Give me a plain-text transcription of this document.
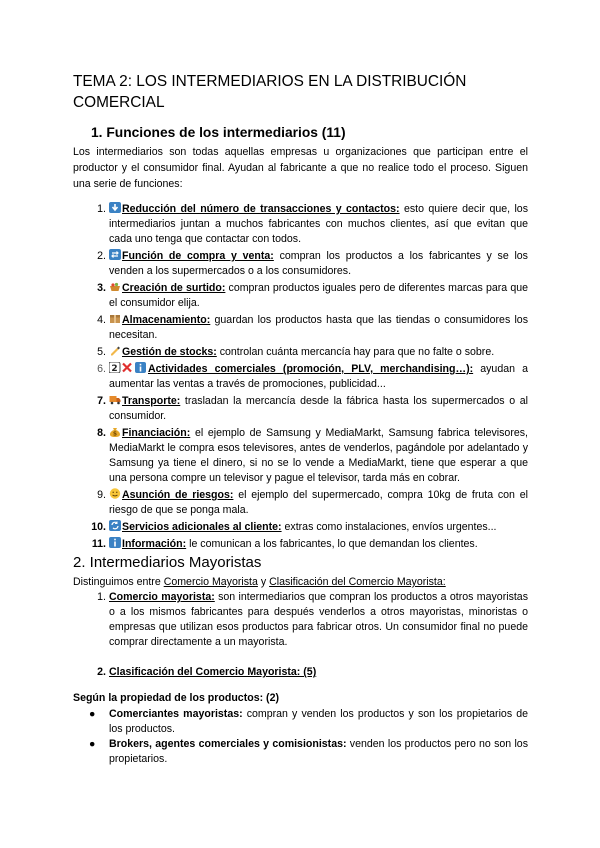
TEMA 2: LOS INTERMEDIARIOS EN LA DISTRIBUCIÓN COMERCIAL
1. Funciones de los intermediarios (11)

Los intermediarios son todas aquellas empresas u organizaciones que participan entre el productor y el consumidor final. Ayudan al fabricante a que no realice todo el proceso. Siguen una serie de funciones:

1. Reducción del número de transacciones y contactos: esto quiere decir que, los intermediarios juntan a muchos fabricantes con muchos clientes, así que evitan que cada uno tenga que contactar con todos.
2. Función de compra y venta: compran los productos a los fabricantes y se los venden a los supermercados o a los consumidores.
3. Creación de surtido: compran productos iguales pero de diferentes marcas para que el consumidor elija.
4. Almacenamiento: guardan los productos hasta que las tiendas o consumidores los necesitan.
5. Gestión de stocks: controlan cuánta mercancía hay para que no falte o sobre.
6. 2	Actividades comerciales (promoción, PLV, merchandising…): ayudan a aumentar las ventas a través de promociones, publicidad...
7. Transporte: trasladan la mercancía desde la fábrica hasta los supermercados o al consumidor.
8. $ Financiación: el ejemplo de Samsung y MediaMarkt, Samsung fabrica televisores, MediaMarkt le compra esos televisores, antes de venderlos, pagándole por adelantado y Samsung ya tiene el dinero, si no se lo vende a MediaMarkt, tiene que esperar a que una persona compre un televisor y pague el televisor, tarda más en cobrar.
9. Asunción de riesgos: el ejemplo del supermercado, compra 10kg de fruta con el riesgo de que se ponga mala.
10. Servicios adicionales al cliente: extras como instalaciones, envíos urgentes...
11. Información: le comunican a los fabricantes, lo que demandan los clientes.
2. Intermediarios Mayoristas

Distinguimos entre Comercio Mayorista y Clasificación del Comercio Mayorista:

1. Comercio mayorista: son intermediarios que compran los productos a otros mayoristas o a los mismos fabricantes para después venderlos a otros mayoristas, minoristas o empresas que utilizan esos productos para fabricar otros. Un consumidor final no puede comprar directamente a un mayorista.
2. Clasificación del Comercio Mayorista: (5)

Según la propiedad de los productos: (2)

● Comerciantes mayoristas: compran y venden los productos y son los propietarios de los productos.
● Brokers, agentes comerciales y comisionistas: venden los productos pero no son los propietarios.
